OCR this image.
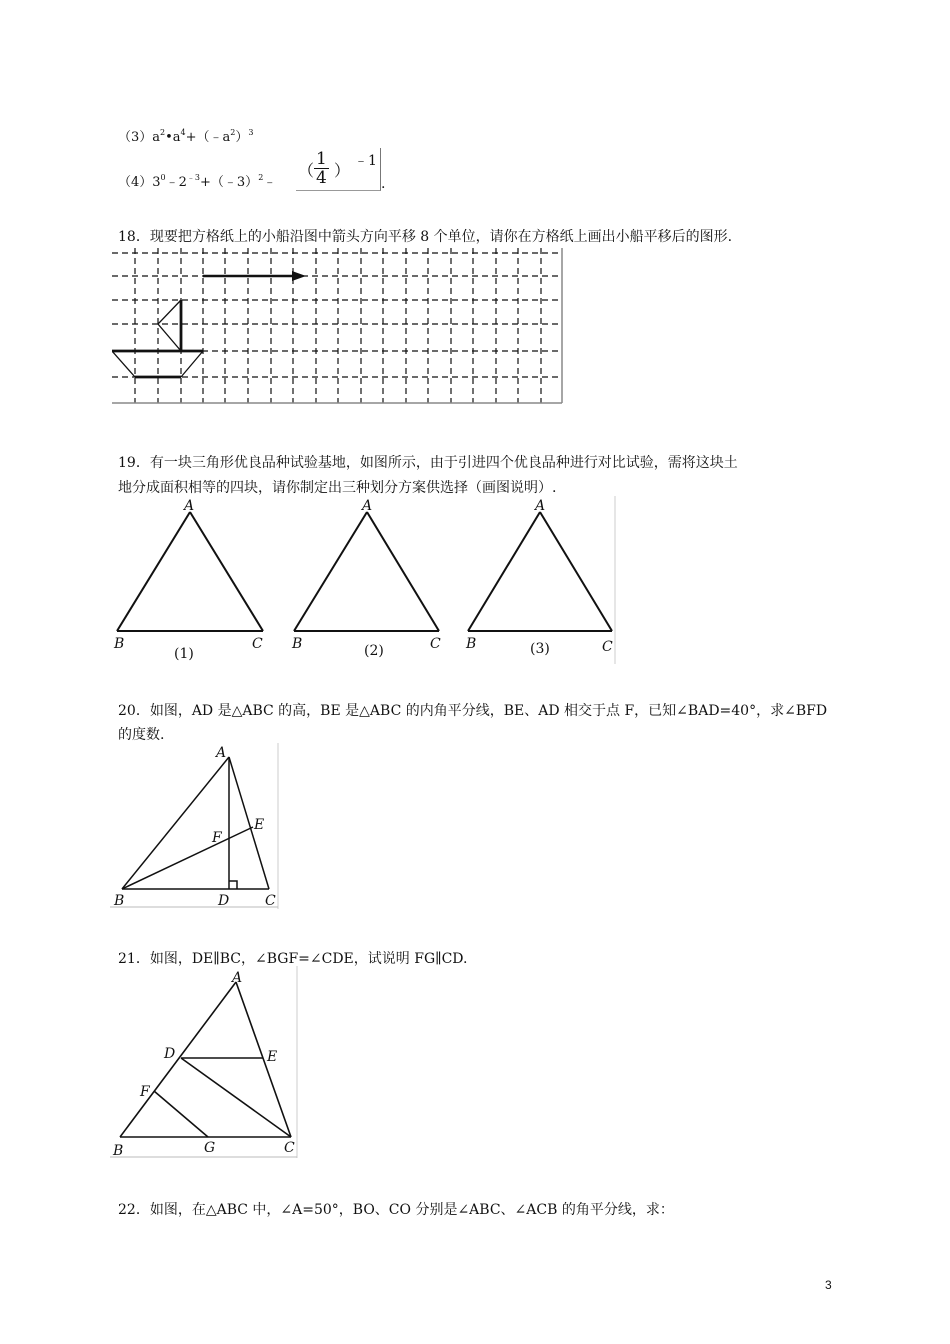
$(3)a^2•a^4+(﹣a^2)^3$
$(4)3^0﹣2^{﹣3}+(﹣3)^2﹣$
（ $\frac{1}{4}$ ） ﹣1
.
18．现要把方格纸上的小船沿图中箭头方向平移 8 个单位，请你在方格纸上画出小船平移后的图形.
19．有一块三角形优良品种试验基地，如图所示，由于引进四个优良品种进行对比试验，需将这块土
地分成面积相等的四块，请你制定出三种划分方案供选择（画图说明）.
A
B	C
(1)
A
B	C
(2)
A
B	C
(3)
20．如图，AD 是△ABC 的高，BE 是△ABC 的内角平分线，BE、AD 相交于点 F，已知∠BAD=40°，求∠BFD
的度数.
A
B	C
D
E
F
21．如图，DE∥BC，∠BGF=∠CDE，试说明 FG∥CD.
A
B	C
D	E
F
G
22．如图，在△ABC 中，∠A=50°，BO、CO 分别是∠ABC、∠ACB 的角平分线，求：
3
